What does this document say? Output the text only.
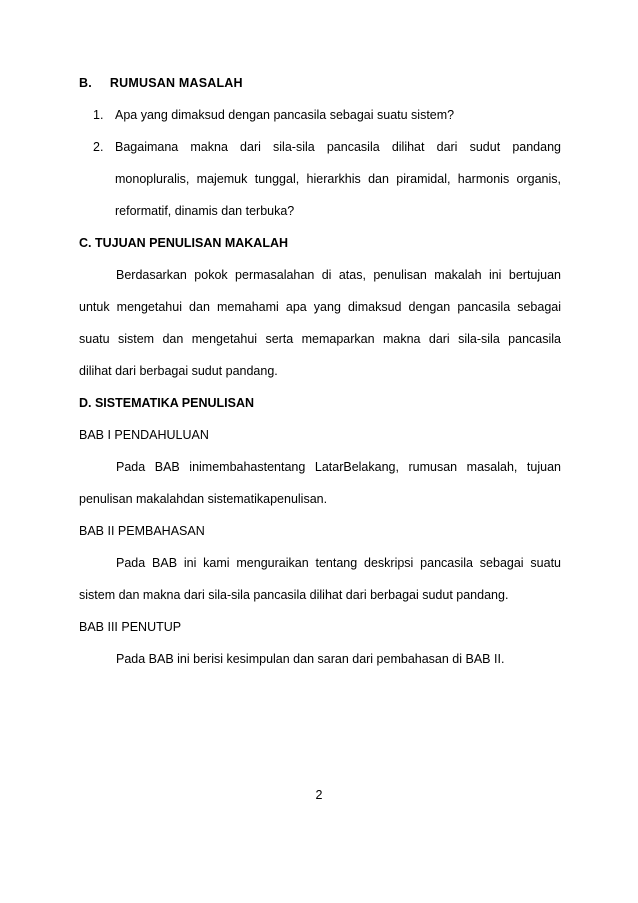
B. RUMUSAN MASALAH
1. Apa yang dimaksud dengan pancasila sebagai suatu sistem?
2. Bagaimana makna dari sila-sila pancasila dilihat dari sudut pandang
monopluralis, majemuk tunggal, hierarkhis dan piramidal, harmonis organis,
reformatif, dinamis dan terbuka?
C. TUJUAN PENULISAN MAKALAH
Berdasarkan pokok permasalahan di atas, penulisan makalah ini bertujuan
untuk mengetahui dan memahami apa yang dimaksud dengan pancasila sebagai
suatu sistem dan mengetahui serta memaparkan makna dari sila-sila pancasila
dilihat dari berbagai sudut pandang.
D. SISTEMATIKA PENULISAN
BAB I PENDAHULUAN
Pada BAB inimembahastentang LatarBelakang, rumusan masalah, tujuan
penulisan makalahdan sistematikapenulisan.
BAB II PEMBAHASAN
Pada BAB ini kami menguraikan tentang deskripsi pancasila sebagai suatu
sistem dan makna dari sila-sila pancasila dilihat dari berbagai sudut pandang.
BAB III PENUTUP
Pada BAB ini berisi kesimpulan dan saran dari pembahasan di BAB II.
2
